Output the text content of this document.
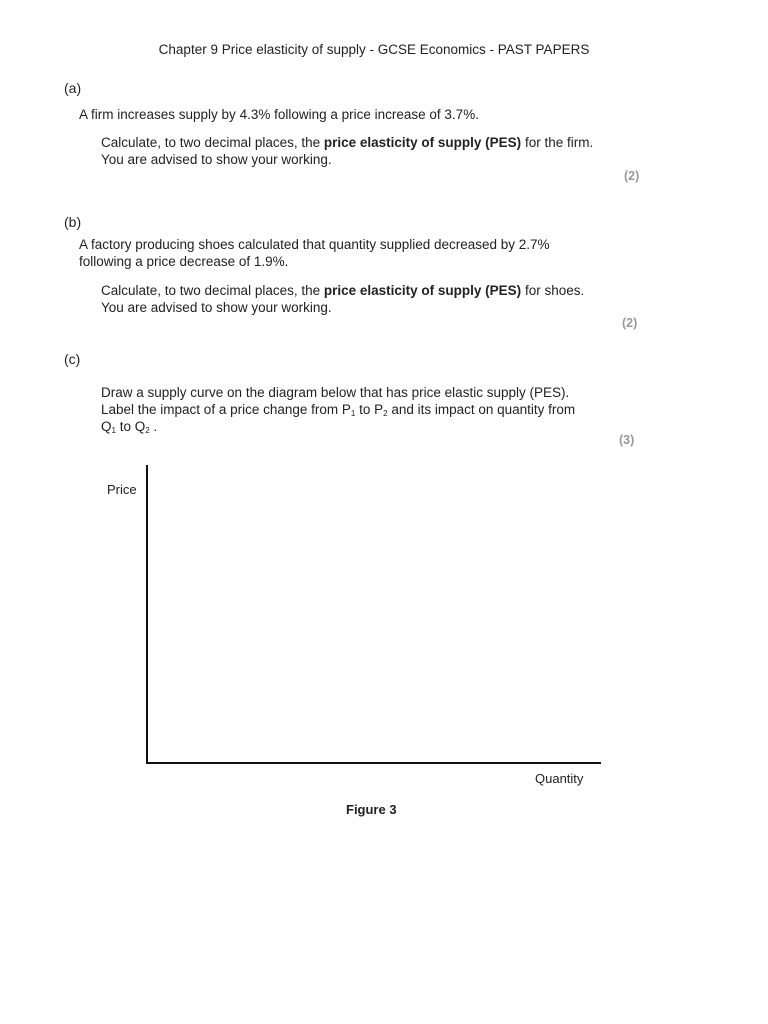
Chapter 9 Price elasticity of supply - GCSE Economics - PAST PAPERS
(a)
A firm increases supply by 4.3% following a price increase of 3.7%.
Calculate, to two decimal places, the price elasticity of supply (PES) for the firm.
You are advised to show your working.
(2)
(b)
A factory producing shoes calculated that quantity supplied decreased by 2.7%
following a price decrease of 1.9%.
Calculate, to two decimal places, the price elasticity of supply (PES) for shoes.
You are advised to show your working.
(2)
(c)
Draw a supply curve on the diagram below that has price elastic supply (PES).
Label the impact of a price change from $P_1$ to $P_2$ and its impact on quantity from
$Q_1$ to $Q_2$ .
(3)
Price
Quantity
Figure 3
